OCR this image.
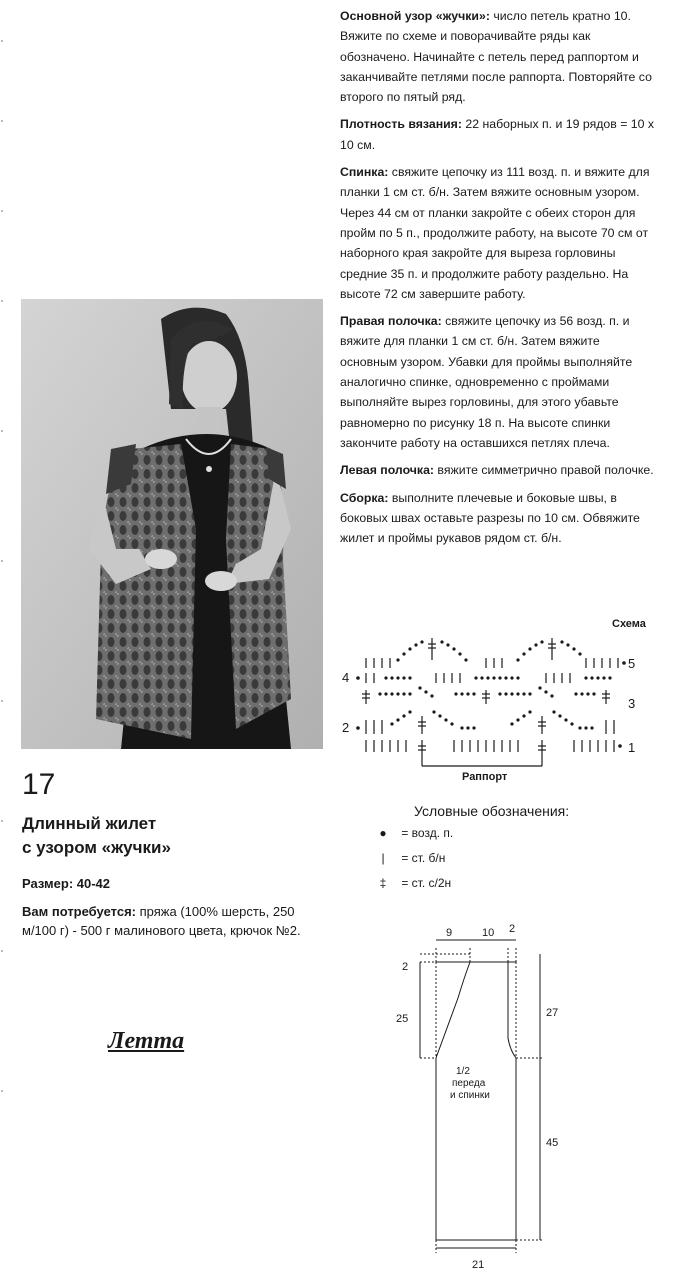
Основной узор «жучки»: число петель кратно 10. Вяжите по схеме и поворачивайте ряды как обозначено. Начинайте с петель перед раппортом и заканчивайте петлями после раппорта. Повторяйте со второго по пятый ряд.

Плотность вязания: 22 наборных п. и 19 рядов = 10 х 10 см.

Спинка: свяжите цепочку из 111 возд. п. и вяжите для планки 1 см ст. б/н. Затем вяжите основным узором. Через 44 см от планки закройте с обеих сторон для пройм по 5 п., продолжите работу, на высоте 70 см от наборного края закройте для выреза горловины средние 35 п. и продолжите работу раздельно. На высоте 72 см завершите работу.

Правая полочка: свяжите цепочку из 56 возд. п. и вяжите для планки 1 см ст. б/н. Затем вяжите основным узором. Убавки для проймы выполняйте аналогично спинке, одновременно с проймами выполняйте вырез горловины, для этого убавьте равномерно по рисунку 18 п. На высоте спинки закончите работу на оставшихся петлях плеча.

Левая полочка: вяжите симметрично правой полочке.

Сборка: выполните плечевые и боковые швы, в боковых швах оставьте разрезы по 10 см. Обвяжите жилет и проймы рукавов рядом ст. б/н.

17
Длинный жилет
с узором «жучки»
Размер: 40-42
Вам потребуется: пряжа (100% шерсть, 250 м/100 г) - 500 г малинового цвета, крючок №2.
Летта
Схема
5
4
3
2
1
Раппорт
Условные обозначения:
● = возд. п.
| = ст. б/н
‡ = ст. с/2н
9	10 2
2
25	27
45
21
1/2
переда
и спинки
